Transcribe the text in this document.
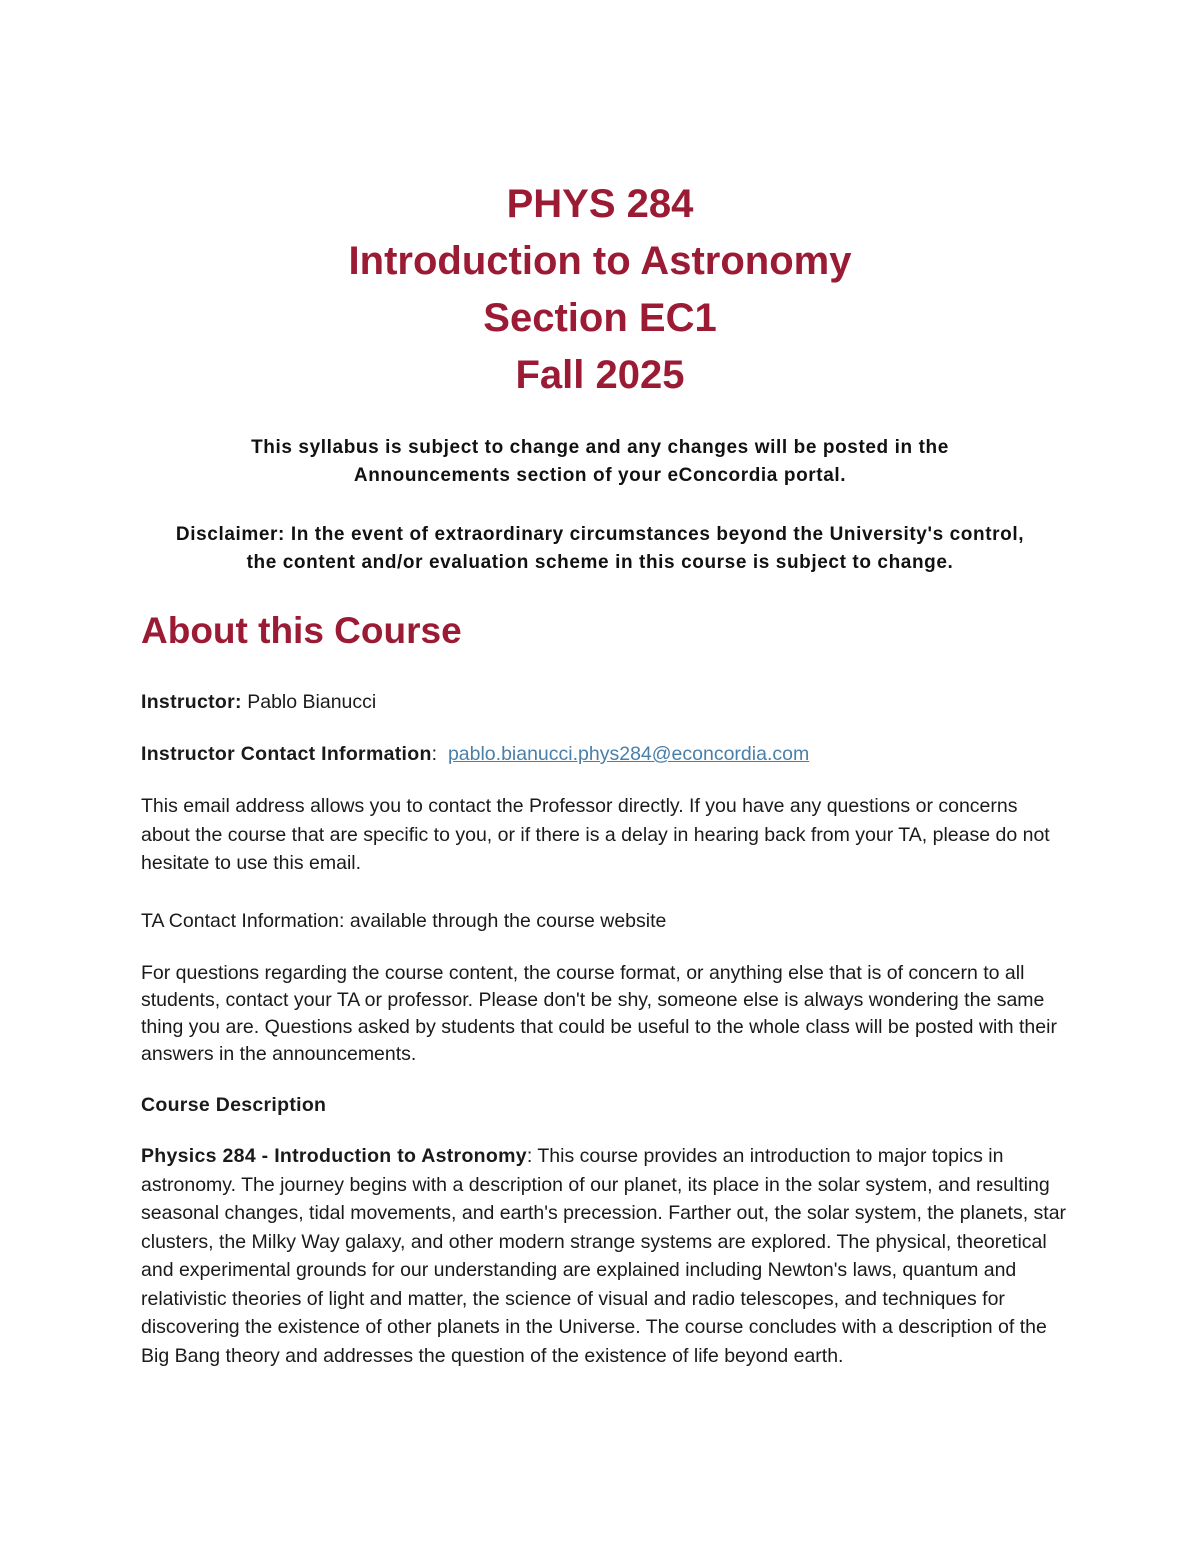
PHYS 284
Introduction to Astronomy
Section EC1
Fall 2025
This syllabus is subject to change and any changes will be posted in the
Announcements section of your eConcordia portal.
Disclaimer: In the event of extraordinary circumstances beyond the University's control,
the content and/or evaluation scheme in this course is subject to change.
About this Course

Instructor: Pablo Bianucci

Instructor Contact Information: pablo.bianucci.phys284@econcordia.com

This email address allows you to contact the Professor directly. If you have any questions or concerns about the course that are specific to you, or if there is a delay in hearing back from your TA, please do not hesitate to use this email.

TA Contact Information: available through the course website

For questions regarding the course content, the course format, or anything else that is of concern to all students, contact your TA or professor. Please don't be shy, someone else is always wondering the same thing you are. Questions asked by students that could be useful to the whole class will be posted with their answers in the announcements.

Course Description

Physics 284 - Introduction to Astronomy: This course provides an introduction to major topics in astronomy. The journey begins with a description of our planet, its place in the solar system, and resulting seasonal changes, tidal movements, and earth's precession. Farther out, the solar system, the planets, star clusters, the Milky Way galaxy, and other modern strange systems are explored. The physical, theoretical and experimental grounds for our understanding are explained including Newton's laws, quantum and relativistic theories of light and matter, the science of visual and radio telescopes, and techniques for discovering the existence of other planets in the Universe. The course concludes with a description of the Big Bang theory and addresses the question of the existence of life beyond earth.
